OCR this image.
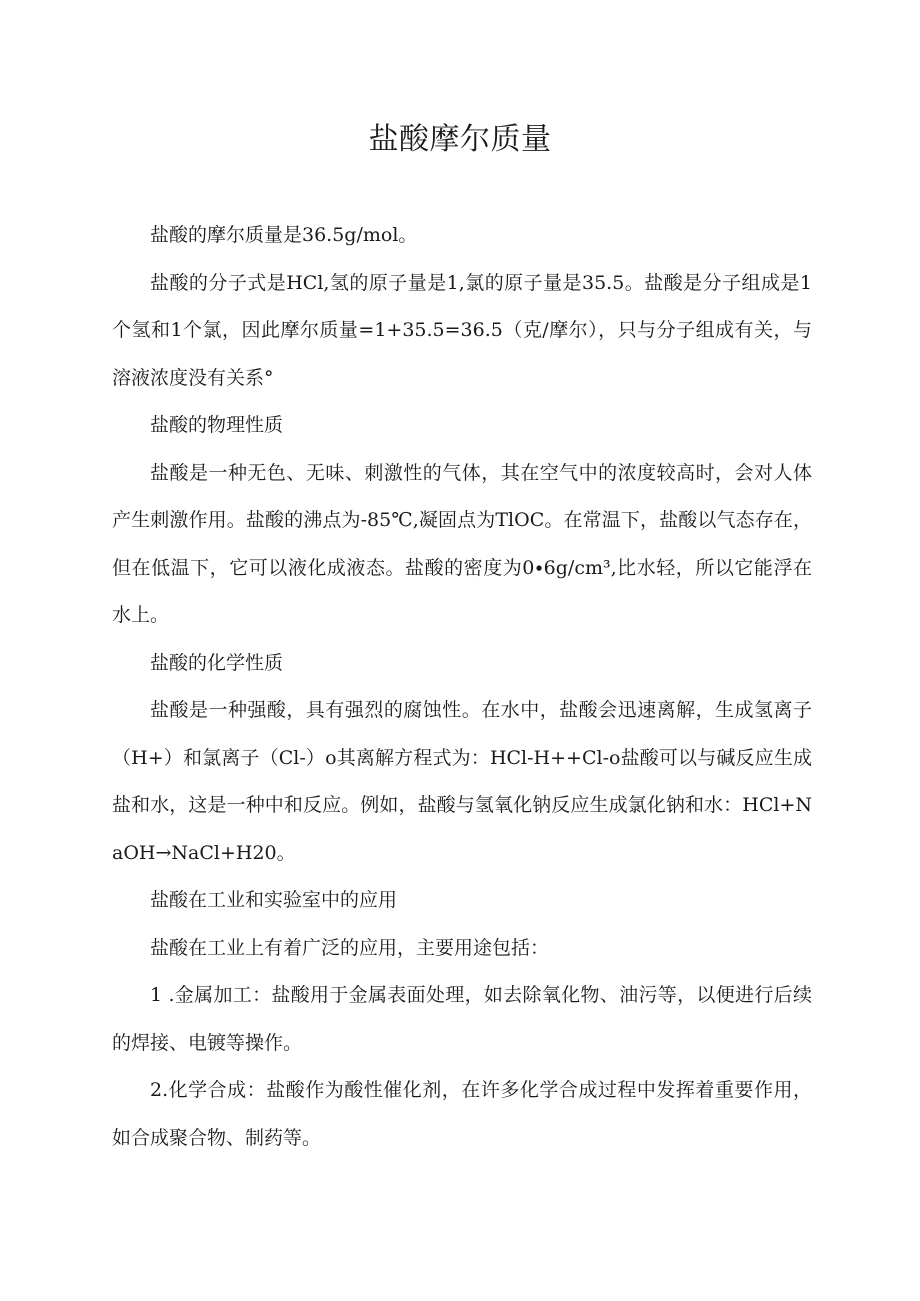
盐酸摩尔质量

盐酸的摩尔质量是36.5g∕mol。

盐酸的分子式是HCl,氢的原子量是1,氯的原子量是35.5。盐酸是分子组成是1个氢和1个氯，因此摩尔质量=1+35.5=36.5（克/摩尔），只与分子组成有关，与溶液浓度没有关系°

盐酸的物理性质

盐酸是一种无色、无味、刺激性的气体，其在空气中的浓度较高时，会对人体产生刺激作用。盐酸的沸点为-85℃,凝固点为TlOC。在常温下，盐酸以气态存在，但在低温下，它可以液化成液态。盐酸的密度为0∙6g∕cm³,比水轻，所以它能浮在水上。

盐酸的化学性质

盐酸是一种强酸，具有强烈的腐蚀性。在水中，盐酸会迅速离解，生成氢离子（H+）和氯离子（Cl-）o其离解方程式为：HCl-H++Cl-o盐酸可以与碱反应生成盐和水，这是一种中和反应。例如，盐酸与氢氧化钠反应生成氯化钠和水：HCl+NaOH→NaCl+H20。

盐酸在工业和实验室中的应用

盐酸在工业上有着广泛的应用，主要用途包括：

1 .金属加工：盐酸用于金属表面处理，如去除氧化物、油污等，以便进行后续的焊接、电镀等操作。

2.化学合成：盐酸作为酸性催化剂，在许多化学合成过程中发挥着重要作用，如合成聚合物、制药等。
